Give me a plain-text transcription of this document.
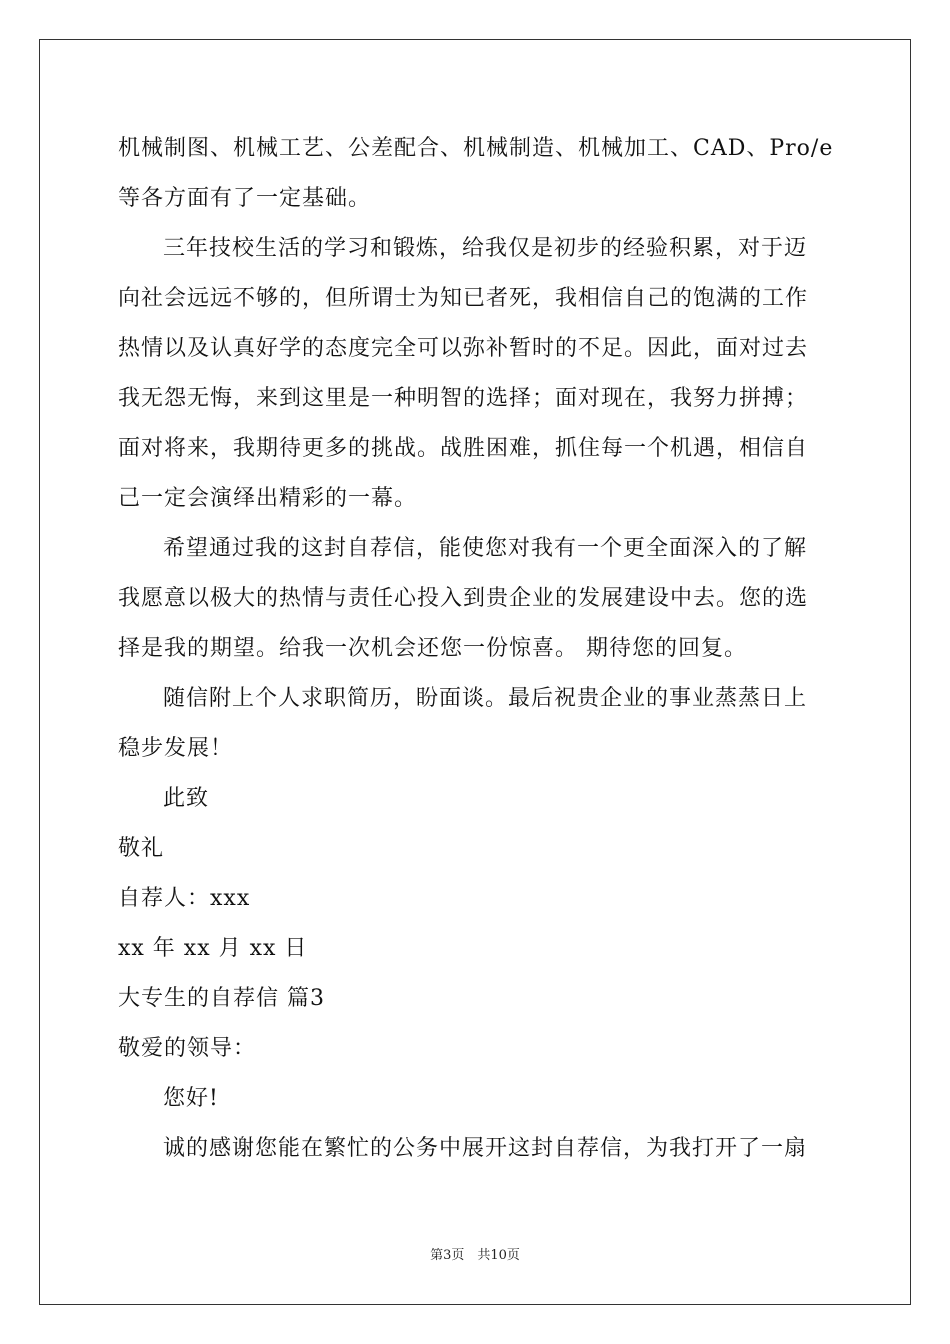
机械制图、机械工艺、公差配合、机械制造、机械加工、CAD、Pro/e
等各方面有了一定基础。
三年技校生活的学习和锻炼，给我仅是初步的经验积累，对于迈
向社会远远不够的，但所谓士为知已者死，我相信自己的饱满的工作
热情以及认真好学的态度完全可以弥补暂时的不足。因此，面对过去
我无怨无悔，来到这里是一种明智的选择；面对现在，我努力拼搏；
面对将来，我期待更多的挑战。战胜困难，抓住每一个机遇，相信自
己一定会演绎出精彩的一幕。
希望通过我的这封自荐信，能使您对我有一个更全面深入的了解
我愿意以极大的热情与责任心投入到贵企业的发展建设中去。您的选
择是我的期望。给我一次机会还您一份惊喜。 期待您的回复。
随信附上个人求职简历，盼面谈。最后祝贵企业的事业蒸蒸日上
稳步发展！
此致
敬礼
自荐人：xxx
xx 年 xx 月 xx 日
大专生的自荐信 篇3
敬爱的领导：
您好!
诚的感谢您能在繁忙的公务中展开这封自荐信，为我打开了一扇
第3页　共10页
